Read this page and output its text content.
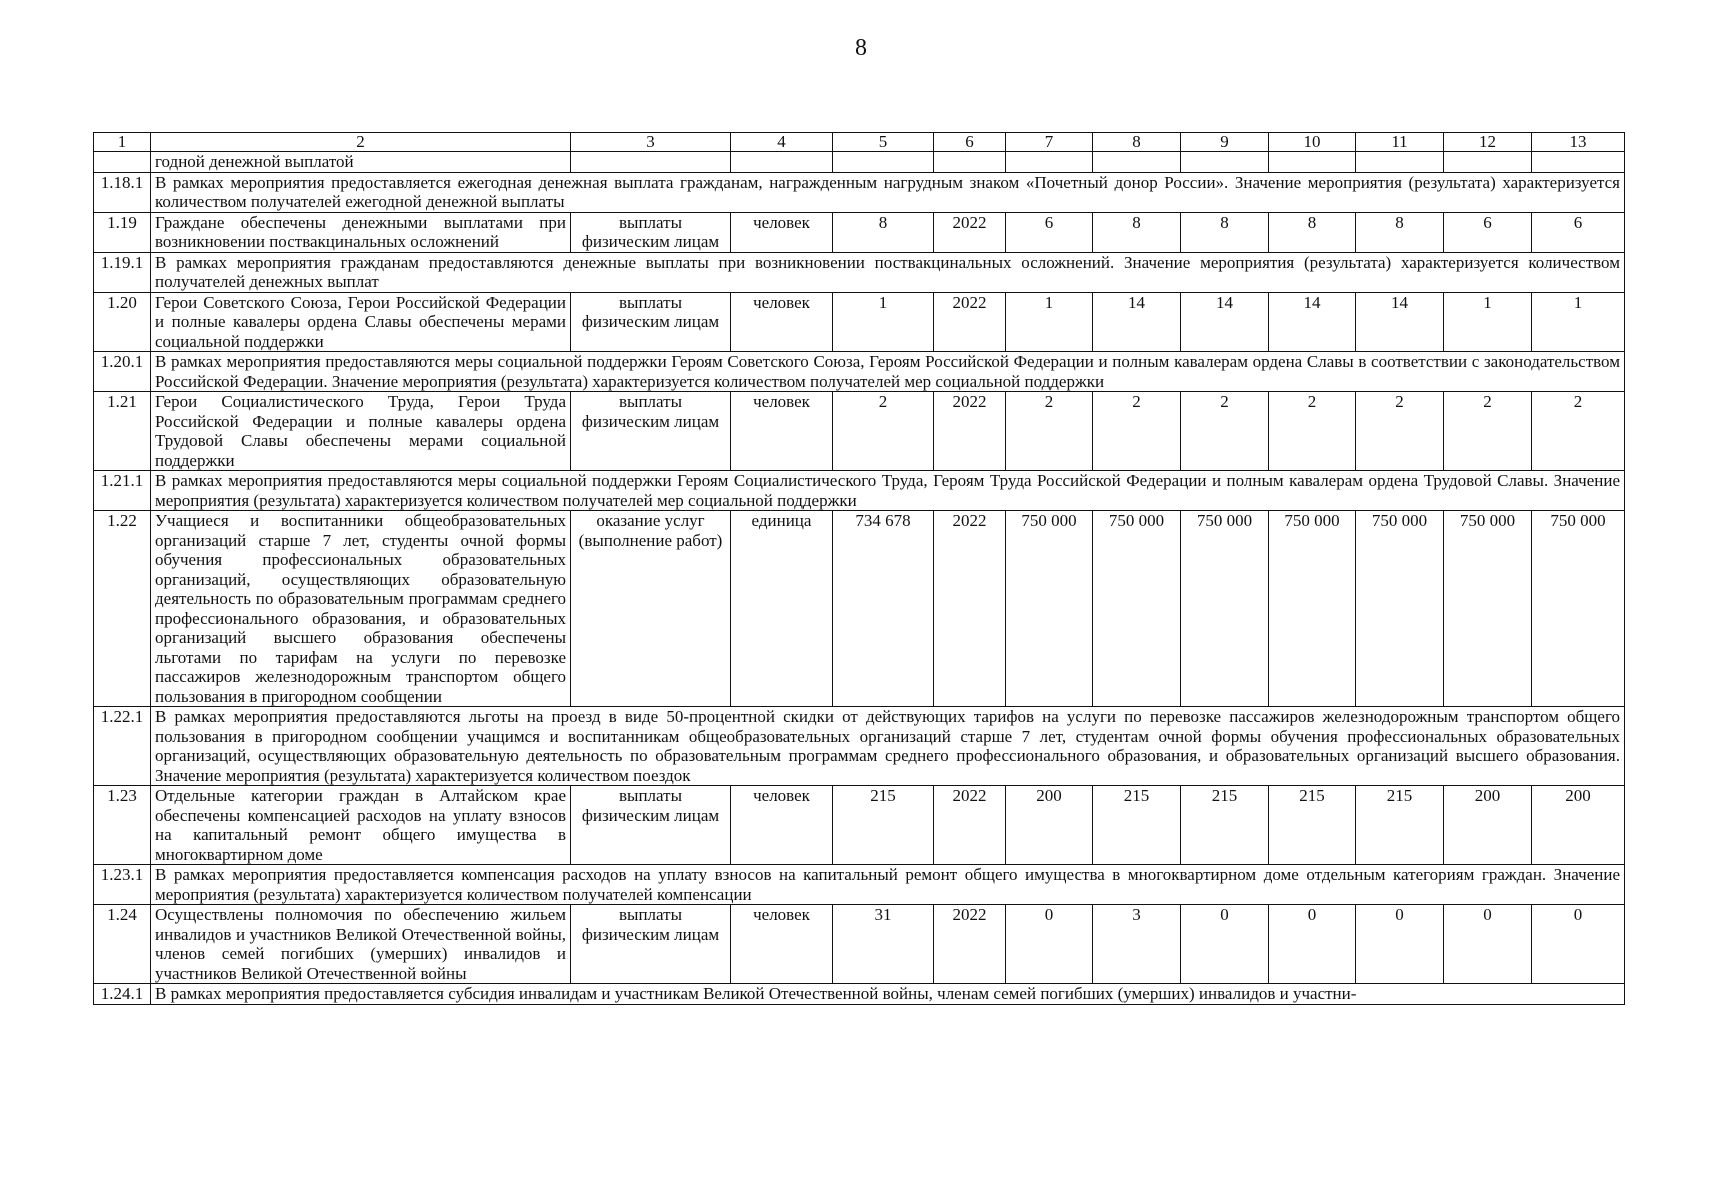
8
1	2	3	4	5	6	7	8	9	10	11	12	13
	годной денежной выплатой											
1.18.1	В рамках мероприятия предоставляется ежегодная денежная выплата гражданам, награжденным нагрудным знаком «Почетный донор России». Значение мероприятия (результата) характеризуется количеством получателей ежегодной денежной выплаты											
1.19	Граждане обеспечены денежными выплатами при возникновении поствакцинальных осложнений	выплаты физическим лицам	человек	8	2022	6	8	8	8	8	6	6
1.19.1	В рамках мероприятия гражданам предоставляются денежные выплаты при возникновении поствакцинальных осложнений. Значение мероприятия (результата) характеризуется количеством получателей денежных выплат											
1.20	Герои Советского Союза, Герои Российской Федерации и полные кавалеры ордена Славы обеспечены мерами социальной поддержки	выплаты физическим лицам	человек	1	2022	1	14	14	14	14	1	1
1.20.1	В рамках мероприятия предоставляются меры социальной поддержки Героям Советского Союза, Героям Российской Федерации и полным кавалерам ордена Славы в соответствии с законодательством Российской Федерации. Значение мероприятия (результата) характеризуется количеством получателей мер социальной поддержки											
1.21	Герои Социалистического Труда, Герои Труда Российской Федерации и полные кавалеры ордена Трудовой Славы обеспечены мерами социальной поддержки	выплаты физическим лицам	человек	2	2022	2	2	2	2	2	2	2
1.21.1	В рамках мероприятия предоставляются меры социальной поддержки Героям Социалистического Труда, Героям Труда Российской Федерации и полным кавалерам ордена Трудовой Славы. Значение мероприятия (результата) характеризуется количеством получателей мер социальной поддержки											
1.22	Учащиеся и воспитанники общеобразовательных организаций старше 7 лет, студенты очной формы обучения профессиональных образовательных организаций, осуществляющих образовательную деятельность по образовательным программам среднего профессионального образования, и образовательных организаций высшего образования обеспечены льготами по тарифам на услуги по перевозке пассажиров железнодорожным транспортом общего пользования в пригородном сообщении	оказание услуг (выполнение работ)	единица	734 678	2022	750 000	750 000	750 000	750 000	750 000	750 000	750 000
1.22.1	В рамках мероприятия предоставляются льготы на проезд в виде 50-процентной скидки от действующих тарифов на услуги по перевозке пассажиров железнодорожным транспортом общего пользования в пригородном сообщении учащимся и воспитанникам общеобразовательных организаций старше 7 лет, студентам очной формы обучения профессиональных образовательных организаций, осуществляющих образовательную деятельность по образовательным программам среднего профессионального образования, и образовательных организаций высшего образования. Значение мероприятия (результата) характеризуется количеством поездок											
1.23	Отдельные категории граждан в Алтайском крае обеспечены компенсацией расходов на уплату взносов на капитальный ремонт общего имущества в многоквартирном доме	выплаты физическим лицам	человек	215	2022	200	215	215	215	215	200	200
1.23.1	В рамках мероприятия предоставляется компенсация расходов на уплату взносов на капитальный ремонт общего имущества в многоквартирном доме отдельным категориям граждан. Значение мероприятия (результата) характеризуется количеством получателей компенсации											
1.24	Осуществлены полномочия по обеспечению жильем инвалидов и участников Великой Отечественной войны, членов семей погибших (умерших) инвалидов и участников Великой Отечественной войны	выплаты физическим лицам	человек	31	2022	0	3	0	0	0	0	0
1.24.1	В рамках мероприятия предоставляется субсидия инвалидам и участникам Великой Отечественной войны, членам семей погибших (умерших) инвалидов и участни-											
